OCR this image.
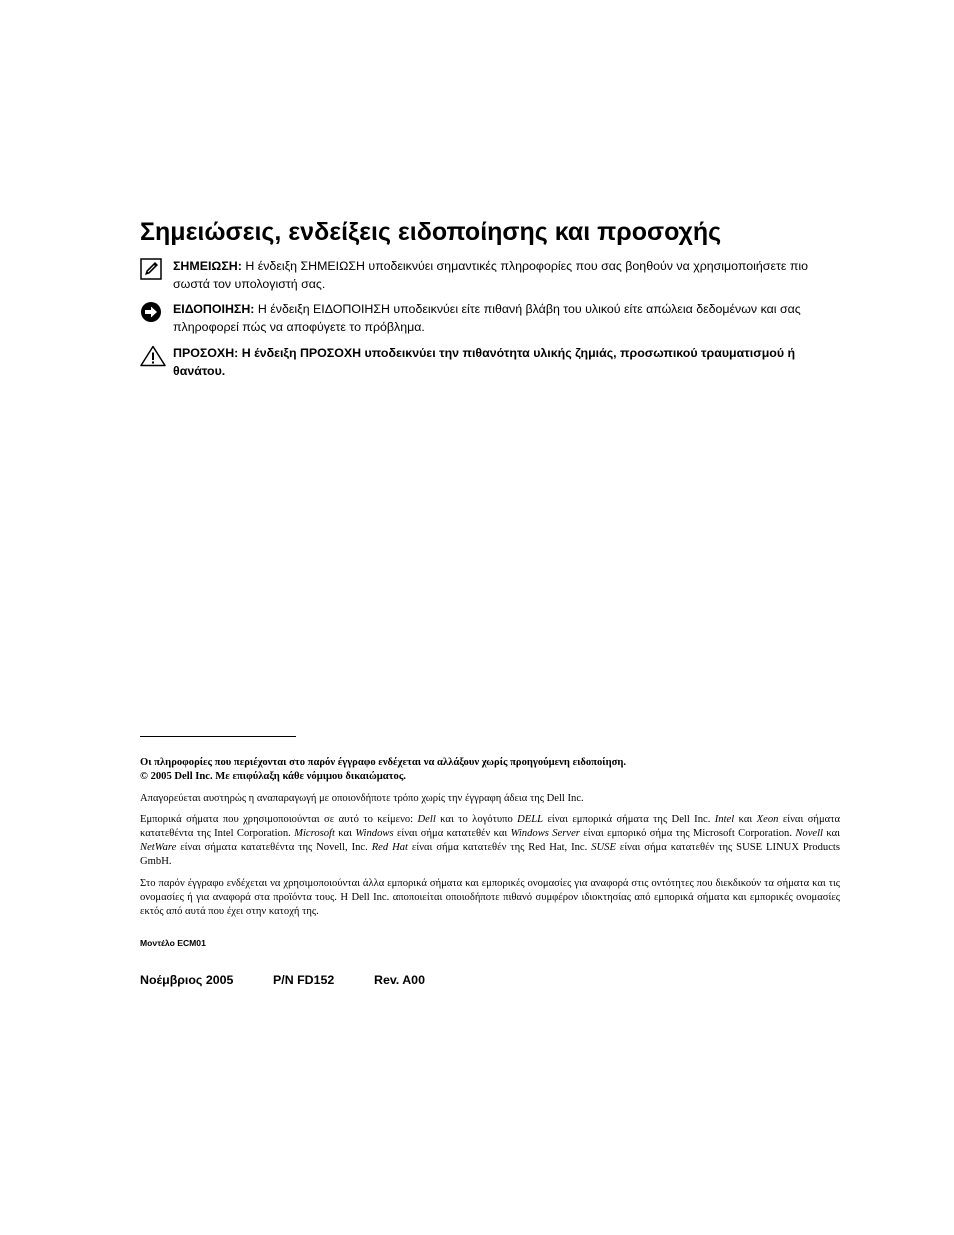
Σημειώσεις, ενδείξεις ειδοποίησης και προσοχής
ΣΗΜΕΙΩΣΗ: Η ένδειξη ΣΗΜΕΙΩΣΗ υποδεικνύει σημαντικές πληροφορίες που σας βοηθούν να χρησιμοποιήσετε πιο σωστά τον υπολογιστή σας.
ΕΙΔΟΠΟΙΗΣΗ: Η ένδειξη ΕΙΔΟΠΟΙΗΣΗ υποδεικνύει είτε πιθανή βλάβη του υλικού είτε απώλεια δεδομένων και σας πληροφορεί πώς να αποφύγετε το πρόβλημα.
ΠΡΟΣΟΧΗ: Η ένδειξη ΠΡΟΣΟΧΗ υποδεικνύει την πιθανότητα υλικής ζημιάς, προσωπικού τραυματισμού ή θανάτου.

Οι πληροφορίες που περιέχονται στο παρόν έγγραφο ενδέχεται να αλλάξουν χωρίς προηγούμενη ειδοποίηση.

© 2005 Dell Inc. Με επιφύλαξη κάθε νόμιμου δικαιώματος.

Απαγορεύεται αυστηρώς η αναπαραγωγή με οποιονδήποτε τρόπο χωρίς την έγγραφη άδεια της Dell Inc.

Εμπορικά σήματα που χρησιμοποιούνται σε αυτό το κείμενο: Dell και το λογότυπο DELL είναι εμπορικά σήματα της Dell Inc. Intel και Xeon είναι σήματα κατατεθέντα της Intel Corporation. Microsoft και Windows είναι σήμα κατατεθέν και Windows Server είναι εμπορικό σήμα της Microsoft Corporation. Novell και NetWare είναι σήματα κατατεθέντα της Novell, Inc. Red Hat είναι σήμα κατατεθέν της Red Hat, Inc. SUSE είναι σήμα κατατεθέν της SUSE LINUX Products GmbH.

Στο παρόν έγγραφο ενδέχεται να χρησιμοποιούνται άλλα εμπορικά σήματα και εμπορικές ονομασίες για αναφορά στις οντότητες που διεκδικούν τα σήματα και τις ονομασίες ή για αναφορά στα προϊόντα τους. Η Dell Inc. αποποιείται οποιοδήποτε πιθανό συμφέρον ιδιοκτησίας από εμπορικά σήματα και εμπορικές ονομασίες εκτός από αυτά που έχει στην κατοχή της.

Μοντέλο ECM01
Νοέμβριος 2005	P/N FD152	Rev. A00
